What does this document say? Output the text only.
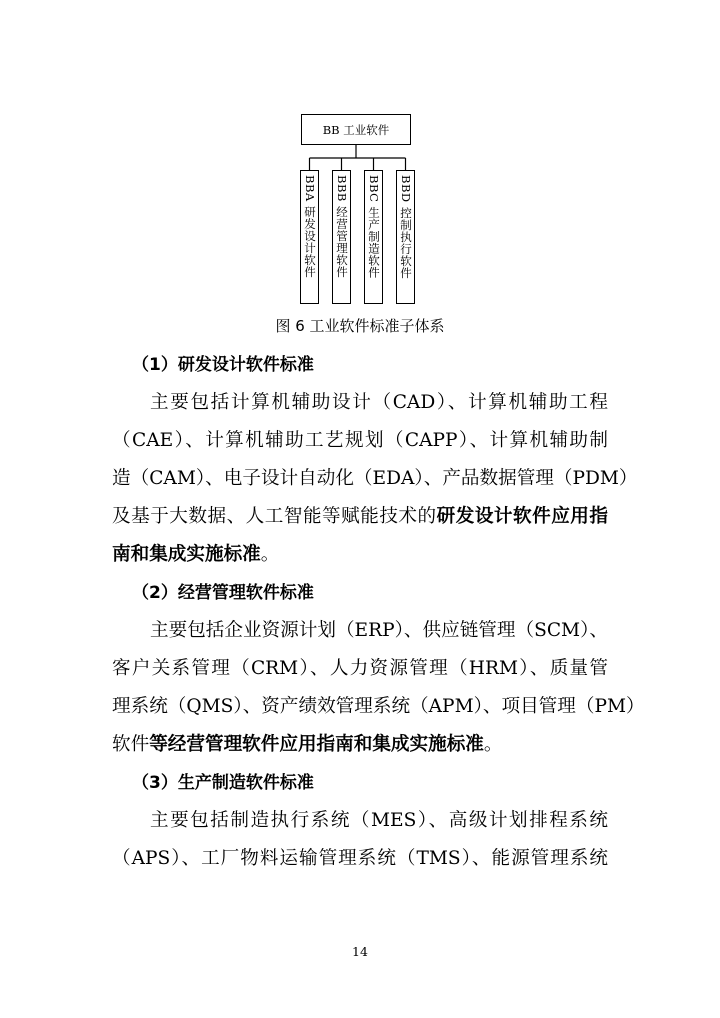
BB 工业软件
BBA 研发设计软件 BBB 经营管理软件 BBC 生产制造软件 BBD 控制执行软件
图 6 工业软件标准子体系
（1）研发设计软件标准
主要包括计算机辅助设计（CAD）、计算机辅助工程
（CAE）、计算机辅助工艺规划（CAPP）、计算机辅助制
造（CAM）、电子设计自动化（EDA）、产品数据管理（PDM）
及基于大数据、人工智能等赋能技术的研发设计软件应用指
南和集成实施标准。
（2）经营管理软件标准
主要包括企业资源计划（ERP）、供应链管理（SCM）、
客户关系管理（CRM）、人力资源管理（HRM）、质量管
理系统（QMS）、资产绩效管理系统（APM）、项目管理（PM）
软件等经营管理软件应用指南和集成实施标准。
（3）生产制造软件标准
主要包括制造执行系统（MES）、高级计划排程系统
（APS）、工厂物料运输管理系统（TMS）、能源管理系统
14
